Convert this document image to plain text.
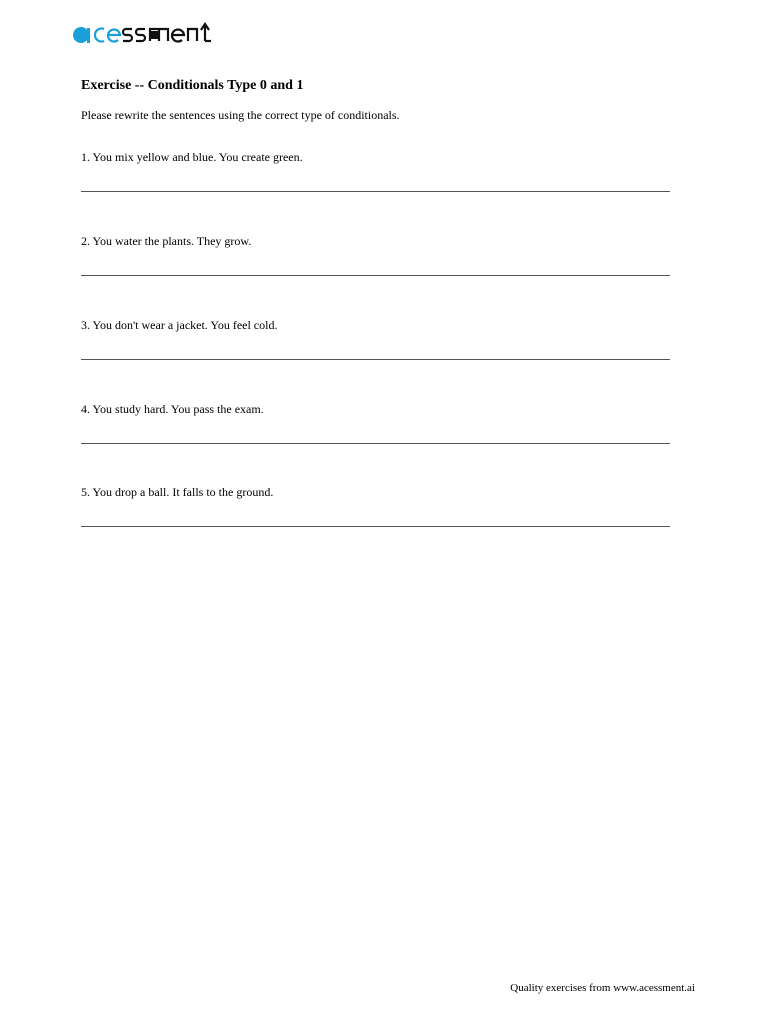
Exercise -- Conditionals Type 0 and 1

Please rewrite the sentences using the correct type of conditionals.

1. You mix yellow and blue. You create green.
2. You water the plants. They grow.
3. You don't wear a jacket. You feel cold.
4. You study hard. You pass the exam.
5. You drop a ball. It falls to the ground.
Quality exercises from www.acessment.ai
